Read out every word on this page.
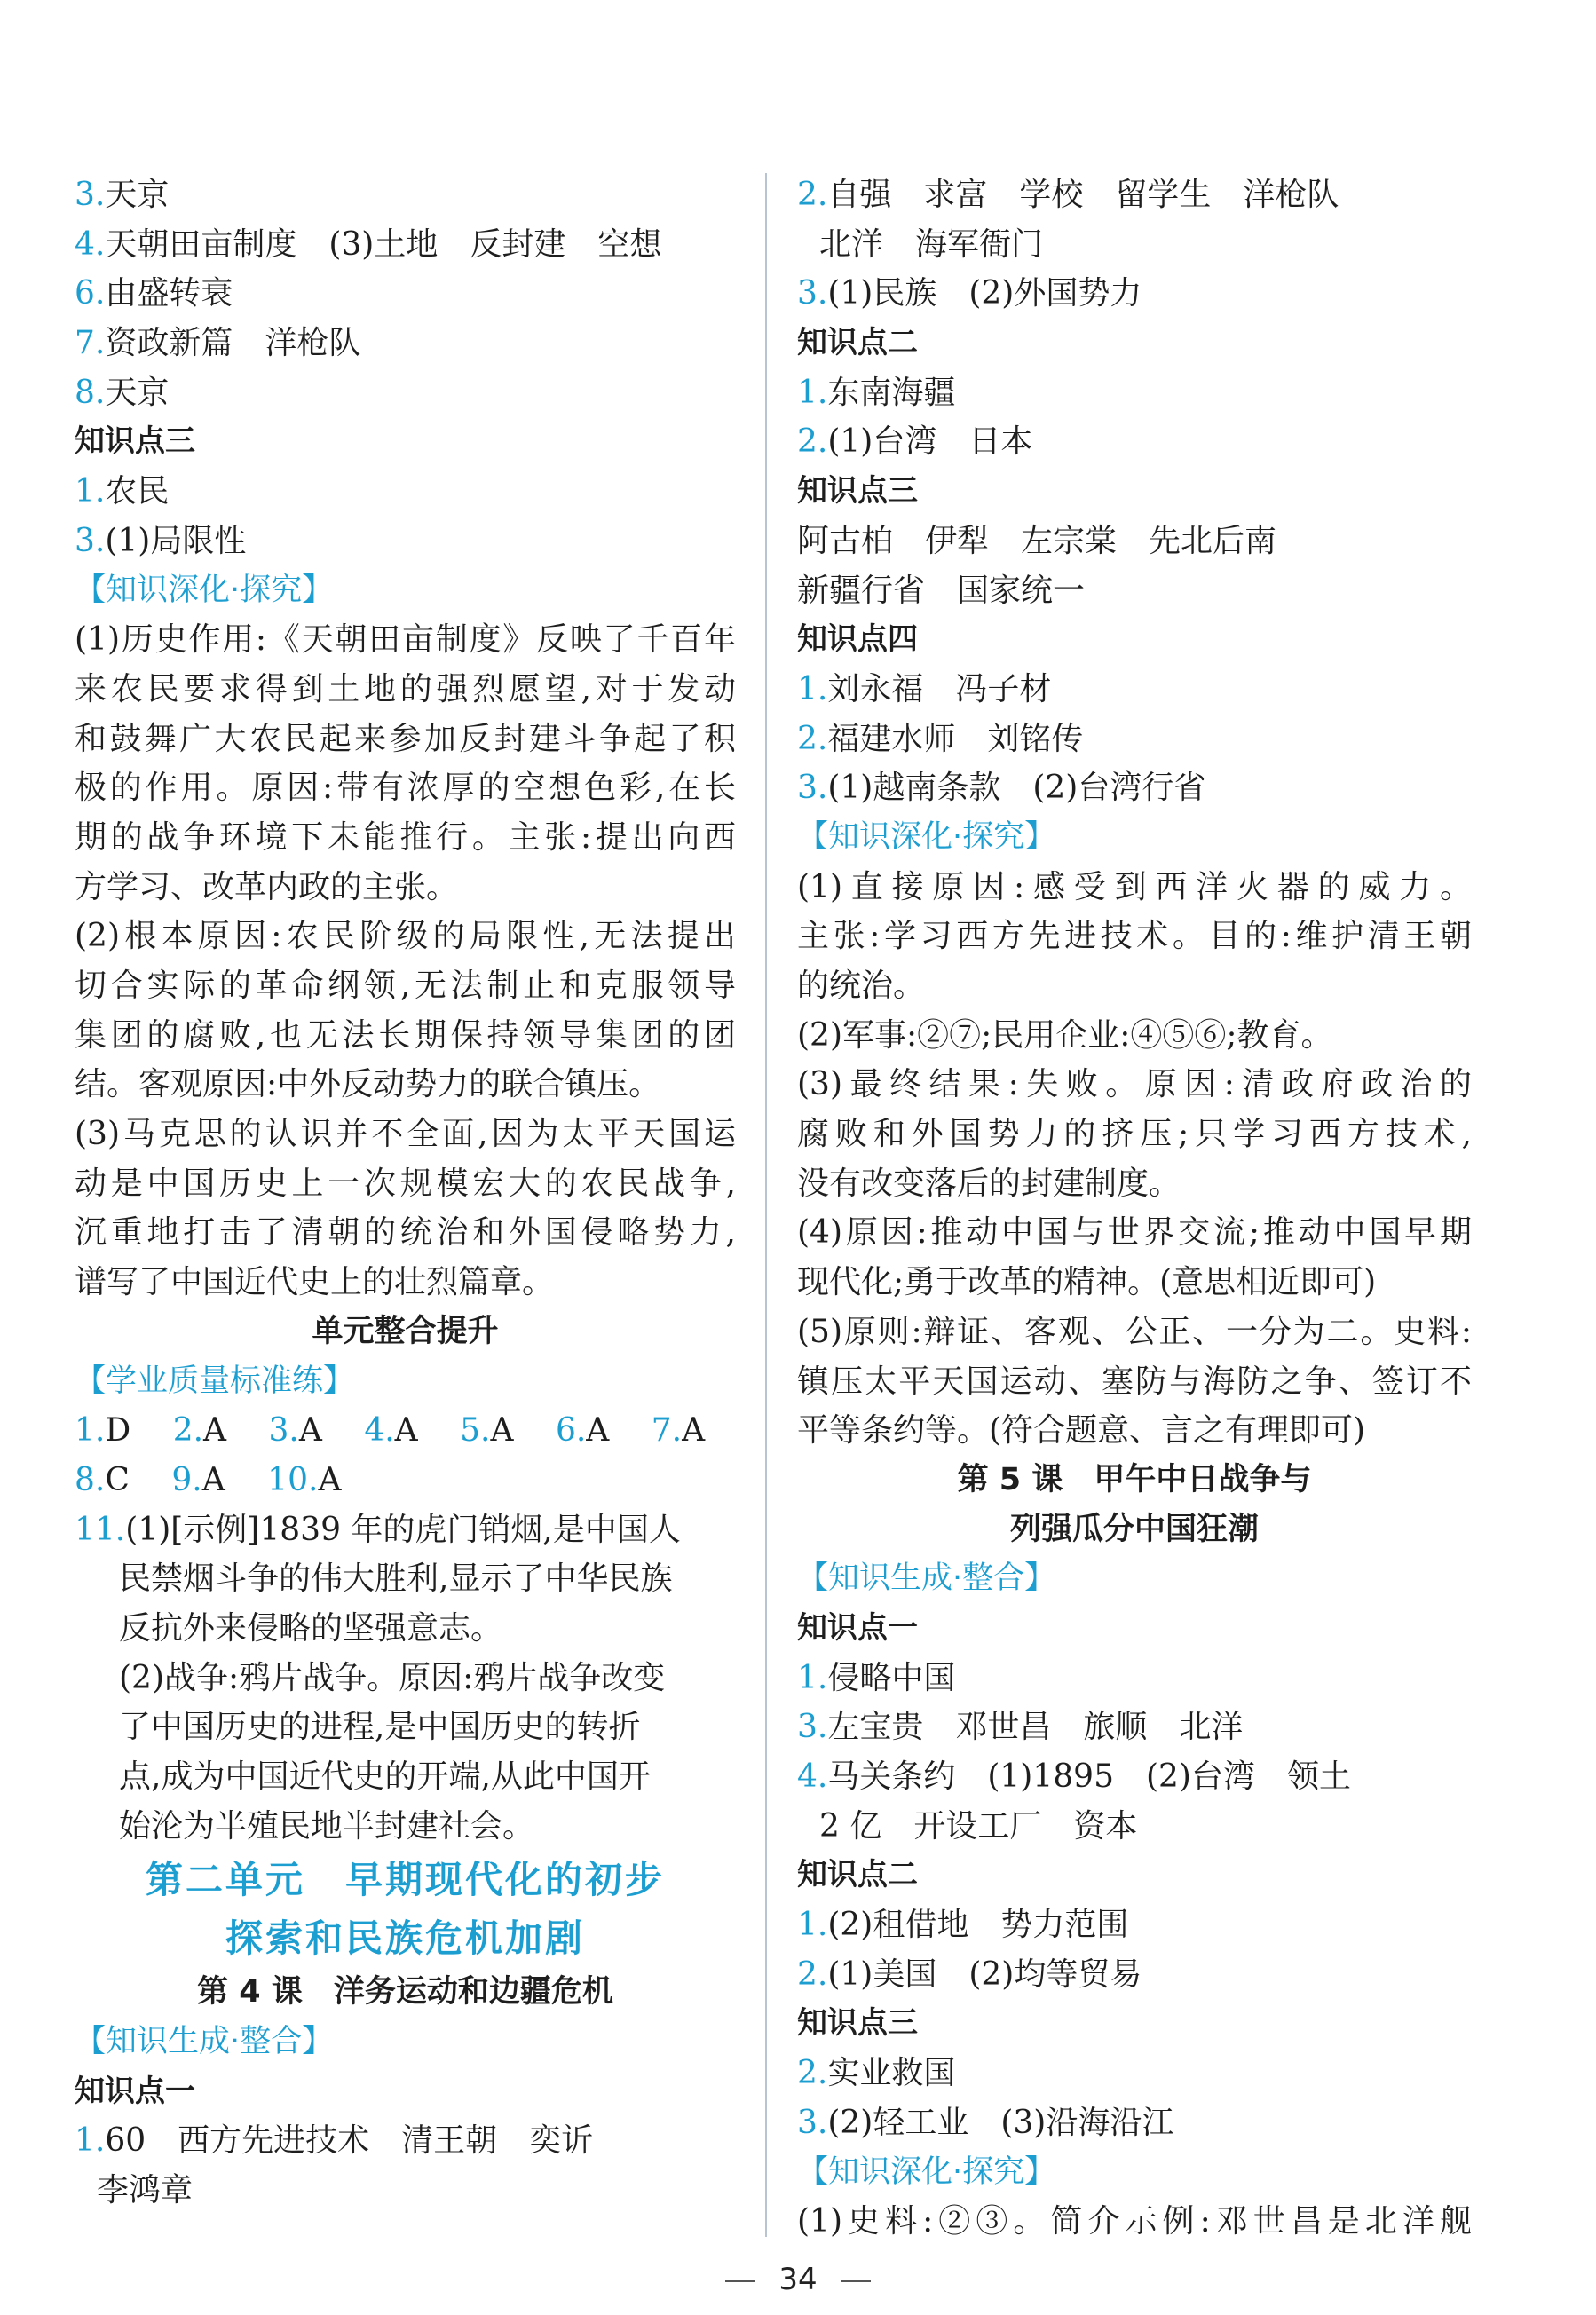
3.天京
4.天朝田亩制度　(3)土地　反封建　空想
6.由盛转衰
7.资政新篇　洋枪队
8.天京
知识点三
1.农民
3.(1)局限性
【知识深化·探究】
(1)历史作用:《天朝田亩制度》反映了千百年
来农民要求得到土地的强烈愿望,对于发动
和鼓舞广大农民起来参加反封建斗争起了积
极的作用。原因:带有浓厚的空想色彩,在长
期的战争环境下未能推行。主张:提出向西
方学习、改革内政的主张。
(2)根本原因:农民阶级的局限性,无法提出
切合实际的革命纲领,无法制止和克服领导
集团的腐败,也无法长期保持领导集团的团
结。客观原因:中外反动势力的联合镇压。
(3)马克思的认识并不全面,因为太平天国运
动是中国历史上一次规模宏大的农民战争,
沉重地打击了清朝的统治和外国侵略势力,
谱写了中国近代史上的壮烈篇章。
单元整合提升
【学业质量标准练】
1.D 2.A 3.A 4.A 5.A 6.A 7.A
8.C 9.A 10.A
11.(1)[示例]1839 年的虎门销烟,是中国人
民禁烟斗争的伟大胜利,显示了中华民族
反抗外来侵略的坚强意志。
(2)战争:鸦片战争。原因:鸦片战争改变
了中国历史的进程,是中国历史的转折
点,成为中国近代史的开端,从此中国开
始沦为半殖民地半封建社会。
第二单元　早期现代化的初步
探索和民族危机加剧
第 4 课　洋务运动和边疆危机
【知识生成·整合】
知识点一
1.60　西方先进技术　清王朝　奕䜣
李鸿章
2.自强　求富　学校　留学生　洋枪队
北洋　海军衙门
3.(1)民族　(2)外国势力
知识点二
1.东南海疆
2.(1)台湾　日本
知识点三
阿古柏　伊犁　左宗棠　先北后南
新疆行省　国家统一
知识点四
1.刘永福　冯子材
2.福建水师　刘铭传
3.(1)越南条款　(2)台湾行省
【知识深化·探究】
(1)直接原因:感受到西洋火器的威力。
主张:学习西方先进技术。目的:维护清王朝
的统治。
(2)军事:②⑦;民用企业:④⑤⑥;教育。
(3)最终结果:失败。原因:清政府政治的
腐败和外国势力的挤压;只学习西方技术,
没有改变落后的封建制度。
(4)原因:推动中国与世界交流;推动中国早期
现代化;勇于改革的精神。(意思相近即可)
(5)原则:辩证、客观、公正、一分为二。史料:
镇压太平天国运动、塞防与海防之争、签订不
平等条约等。(符合题意、言之有理即可)
第 5 课　甲午中日战争与
列强瓜分中国狂潮
【知识生成·整合】
知识点一
1.侵略中国
3.左宝贵　邓世昌　旅顺　北洋
4.马关条约　(1)1895　(2)台湾　领土
2 亿　开设工厂　资本
知识点二
1.(2)租借地　势力范围
2.(1)美国　(2)均等贸易
知识点三
2.实业救国
3.(2)轻工业　(3)沿海沿江
【知识深化·探究】
(1)史料:②③。简介示例:邓世昌是北洋舰
34
